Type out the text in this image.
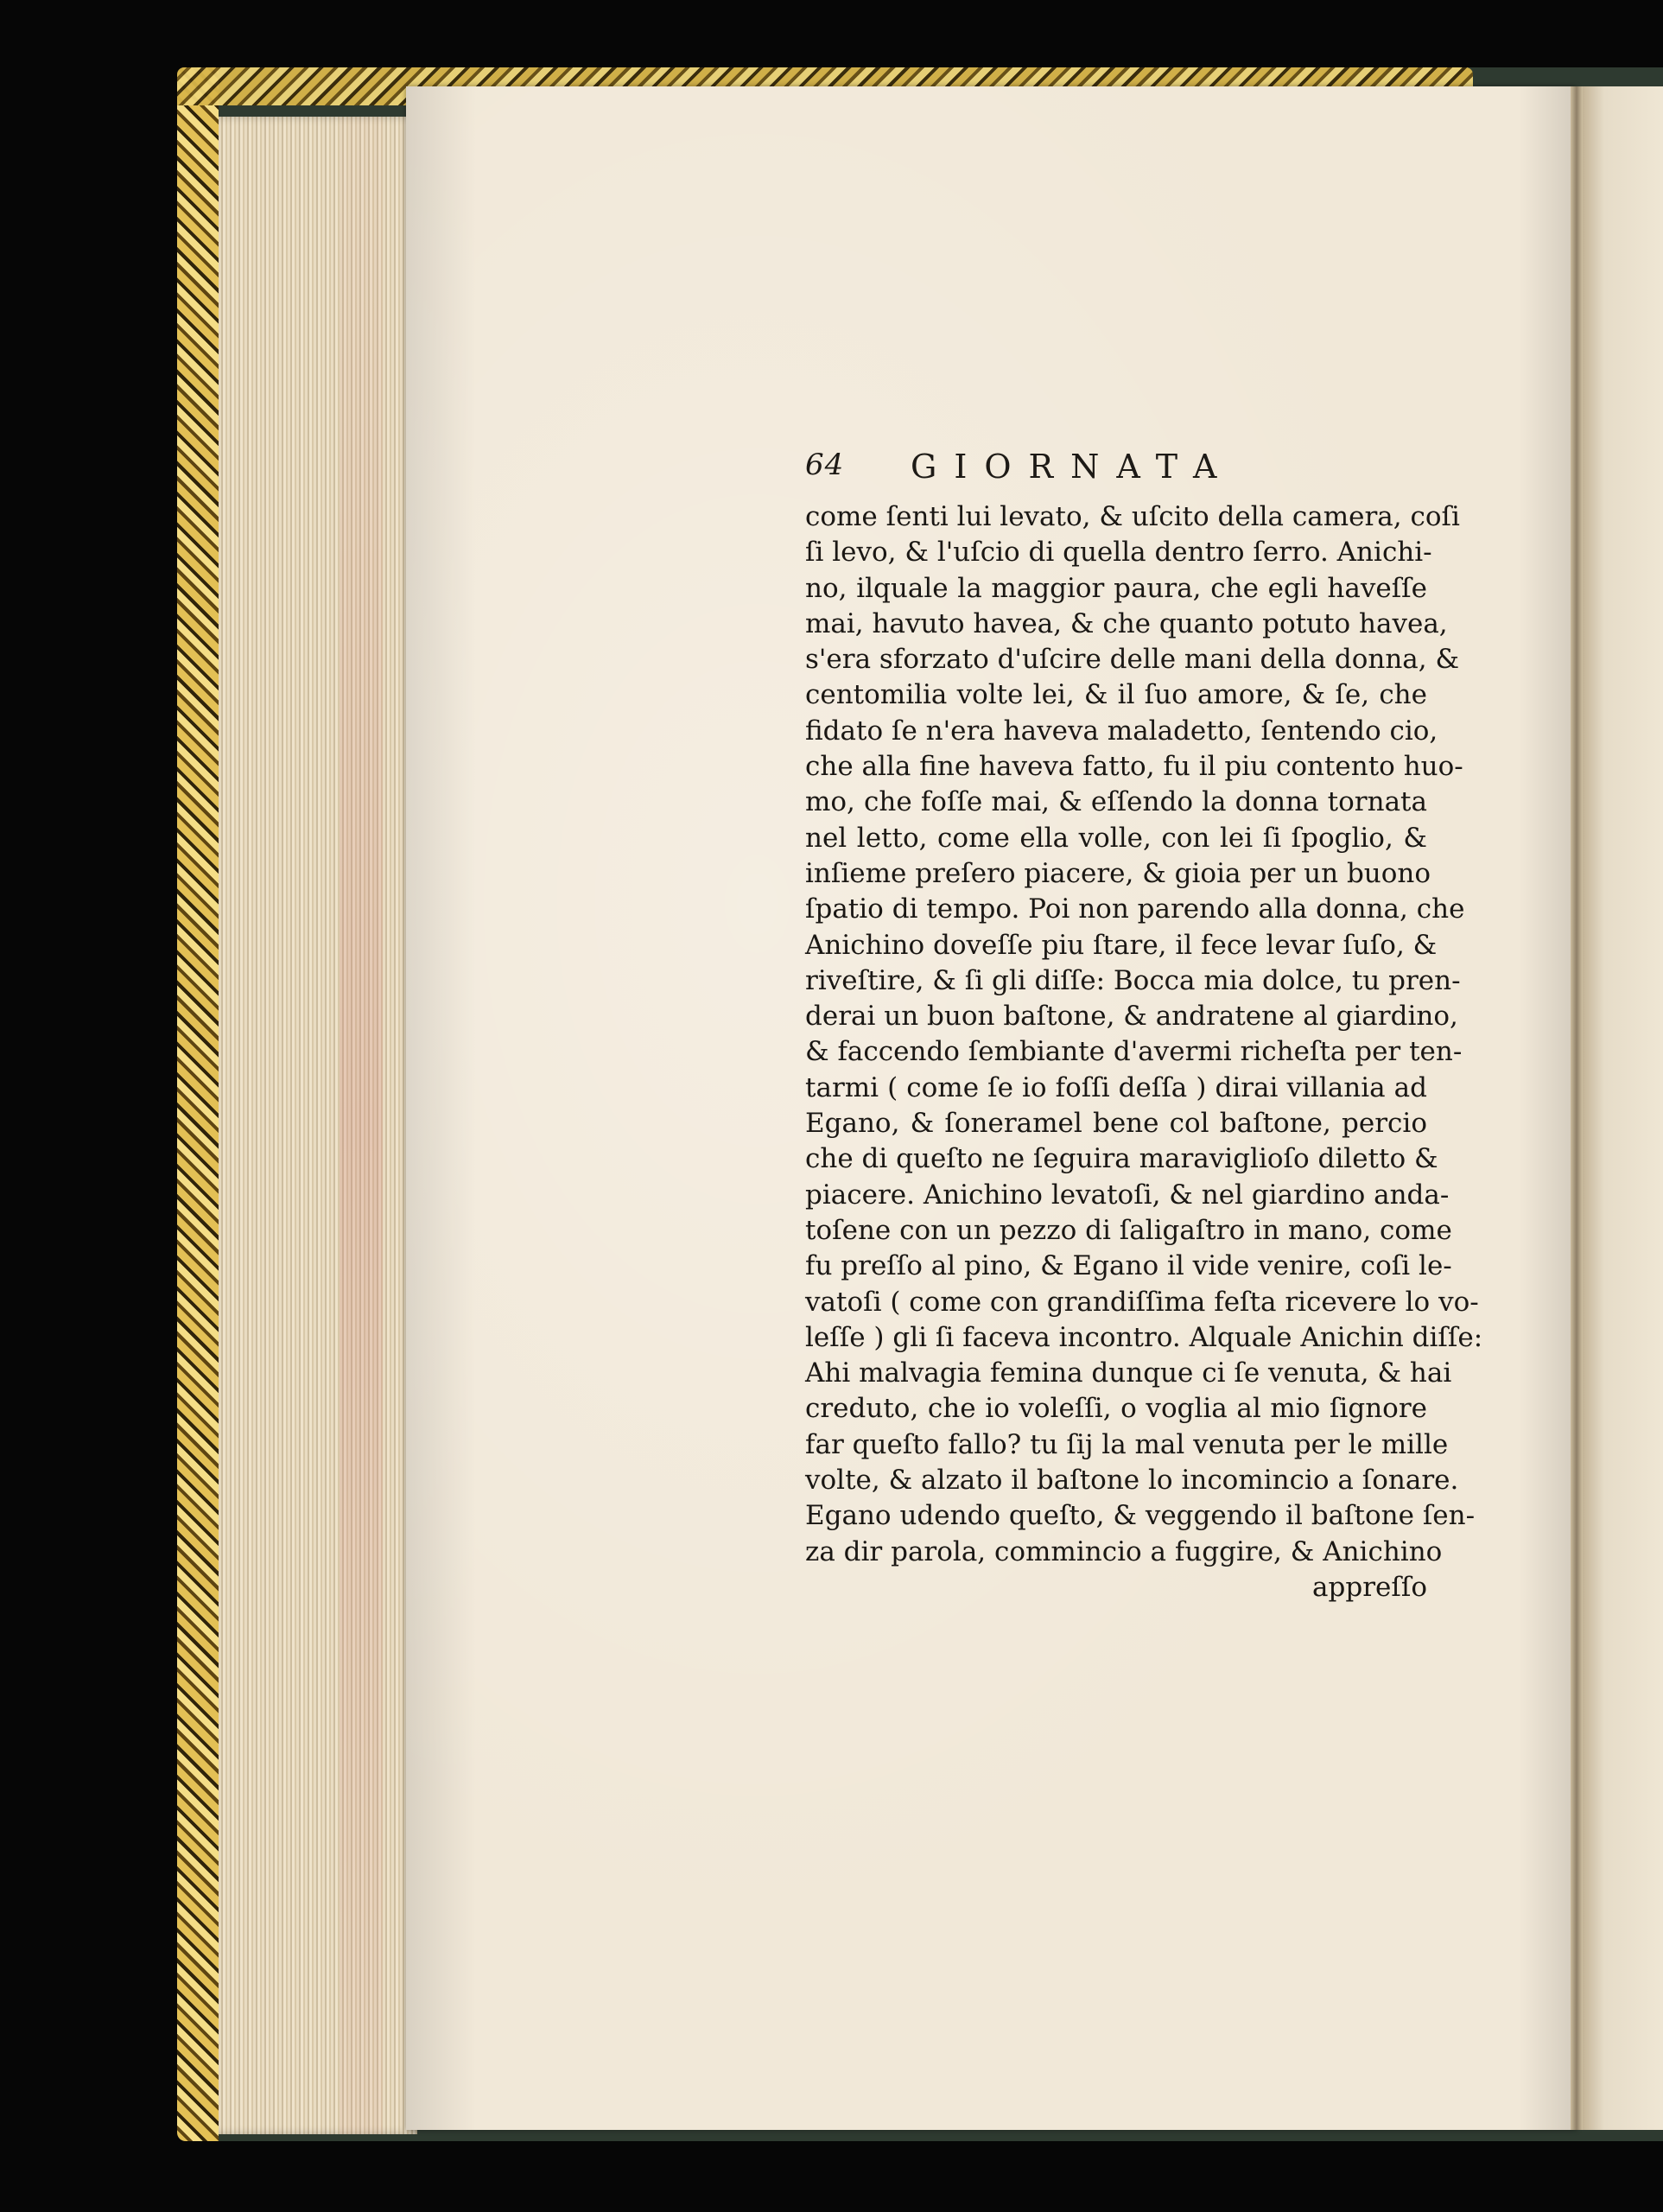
64 GIORNATA
come ſenti lui levato, & uſcito della camera, coſi
ſi levo, & l'uſcio di quella dentro ſerro. Anichi-
no, ilquale la maggior paura, che egli haveſſe
mai, havuto havea, & che quanto potuto havea,
s'era sforzato d'uſcire delle mani della donna, &
centomilia volte lei, & il ſuo amore, & ſe, che
fidato ſe n'era haveva maladetto, ſentendo cio,
che alla fine haveva fatto, fu il piu contento huo-
mo, che foſſe mai, & eſſendo la donna tornata
nel letto, come ella volle, con lei ſi ſpoglio, &
inſieme preſero piacere, & gioia per un buono
ſpatio di tempo. Poi non parendo alla donna, che
Anichino doveſſe piu ſtare, il fece levar ſuſo, &
riveſtire, & ſi gli diſſe: Bocca mia dolce, tu pren-
derai un buon baſtone, & andratene al giardino,
& faccendo ſembiante d'avermi richeſta per ten-
tarmi ( come ſe io foſſi deſſa ) dirai villania ad
Egano, & ſoneramel bene col baſtone, percio
che di queſto ne ſeguira maraviglioſo diletto &
piacere. Anichino levatoſi, & nel giardino anda-
toſene con un pezzo di ſaligaſtro in mano, come
fu preſſo al pino, & Egano il vide venire, coſi le-
vatoſi ( come con grandiſſima feſta ricevere lo vo-
leſſe ) gli ſi faceva incontro. Alquale Anichin diſſe:
Ahi malvagia femina dunque ci ſe venuta, & hai
creduto, che io voleſſi, o voglia al mio ſignore
far queſto fallo? tu ſij la mal venuta per le mille
volte, & alzato il baſtone lo incomincio a ſonare.
Egano udendo queſto, & veggendo il baſtone ſen-
za dir parola, commincio a fuggire, & Anichino
appreſſo
